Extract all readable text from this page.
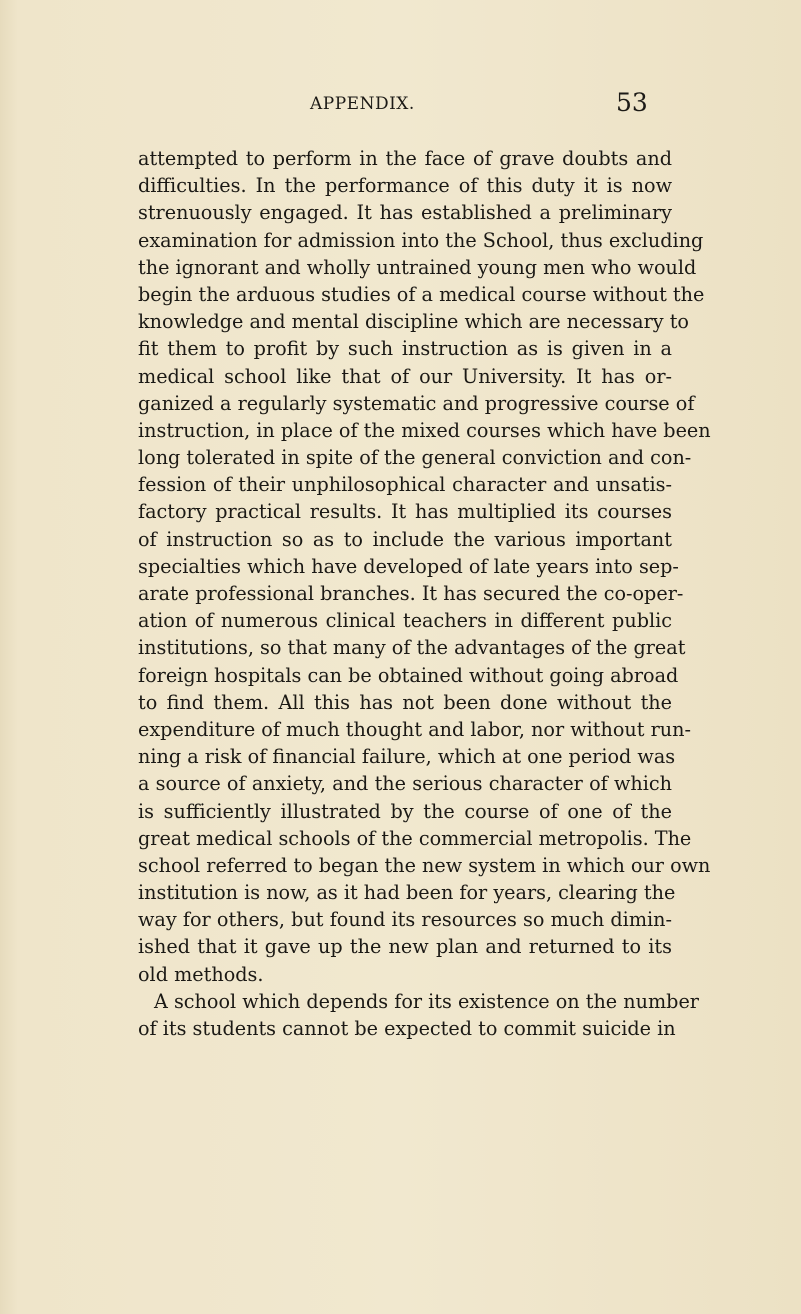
APPENDIX.	53
attempted to perform in the face of grave doubts and
difficulties. In the performance of this duty it is now
strenuously engaged. It has established a preliminary
examination for admission into the School, thus excluding
the ignorant and wholly untrained young men who would
begin the arduous studies of a medical course without the
knowledge and mental discipline which are necessary to
fit them to profit by such instruction as is given in a
medical school like that of our University. It has or-
ganized a regularly systematic and progressive course of
instruction, in place of the mixed courses which have been
long tolerated in spite of the general conviction and con-
fession of their unphilosophical character and unsatis-
factory practical results. It has multiplied its courses
of instruction so as to include the various important
specialties which have developed of late years into sep-
arate professional branches. It has secured the co-oper-
ation of numerous clinical teachers in different public
institutions, so that many of the advantages of the great
foreign hospitals can be obtained without going abroad
to find them. All this has not been done without the
expenditure of much thought and labor, nor without run-
ning a risk of financial failure, which at one period was
a source of anxiety, and the serious character of which
is sufficiently illustrated by the course of one of the
great medical schools of the commercial metropolis. The
school referred to began the new system in which our own
institution is now, as it had been for years, clearing the
way for others, but found its resources so much dimin-
ished that it gave up the new plan and returned to its
old methods.
A school which depends for its existence on the number
of its students cannot be expected to commit suicide in
